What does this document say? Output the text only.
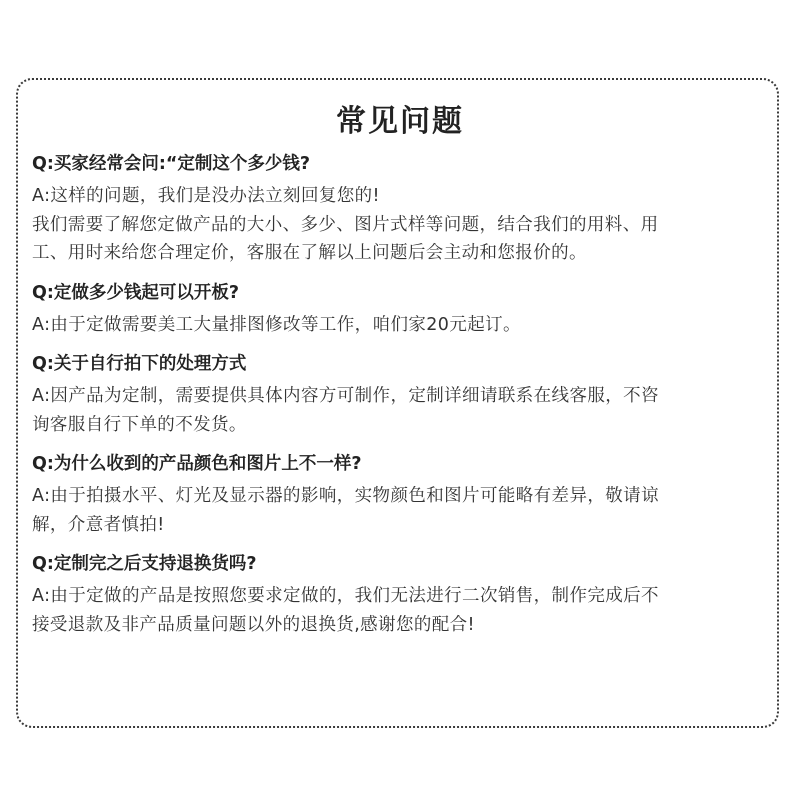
常见问题

Q:买家经常会问:“定制这个多少钱?

A:这样的问题，我们是没办法立刻回复您的!
我们需要了解您定做产品的大小、多少、图片式样等问题，结合我们的用料、用
工、用时来给您合理定价，客服在了解以上问题后会主动和您报价的。

Q:定做多少钱起可以开板?

A:由于定做需要美工大量排图修改等工作，咱们家20元起订。

Q:关于自行拍下的处理方式

A:因产品为定制，需要提供具体内容方可制作，定制详细请联系在线客服，不咨
询客服自行下单的不发货。

Q:为什么收到的产品颜色和图片上不一样?

A:由于拍摄水平、灯光及显示器的影响，实物颜色和图片可能略有差异，敬请谅
解，介意者慎拍!

Q:定制完之后支持退换货吗?

A:由于定做的产品是按照您要求定做的，我们无法进行二次销售，制作完成后不
接受退款及非产品质量问题以外的退换货,感谢您的配合!
